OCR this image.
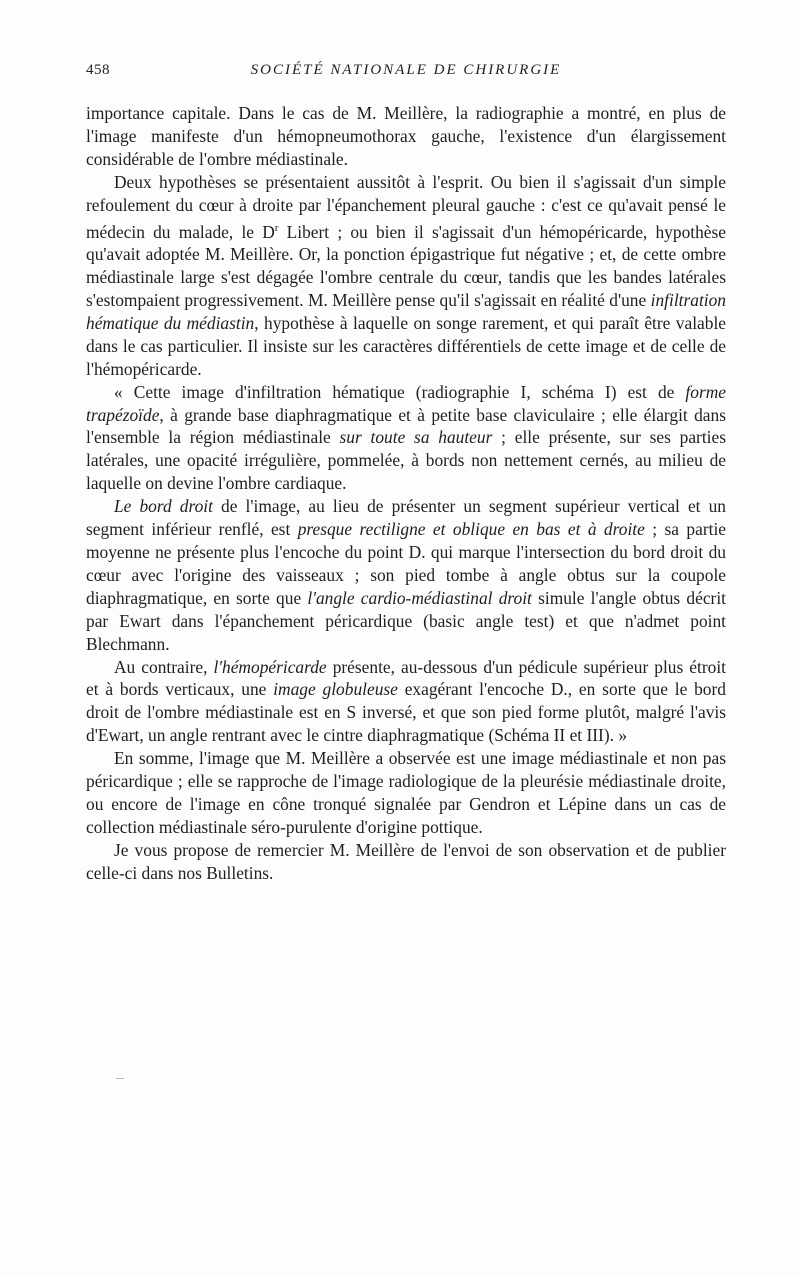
458	SOCIÉTÉ NATIONALE DE CHIRURGIE

importance capitale. Dans le cas de M. Meillère, la radiographie a montré, en plus de l'image manifeste d'un hémopneumothorax gauche, l'existence d'un élargissement considérable de l'ombre médiastinale.

Deux hypothèses se présentaient aussitôt à l'esprit. Ou bien il s'agissait d'un simple refoulement du cœur à droite par l'épanchement pleural gauche : c'est ce qu'avait pensé le médecin du malade, le $D^r$ Libert ; ou bien il s'agissait d'un hémopéricarde, hypothèse qu'avait adoptée M. Meillère. Or, la ponction épigastrique fut négative ; et, de cette ombre médiastinale large s'est dégagée l'ombre centrale du cœur, tandis que les bandes latérales s'estompaient progressivement. M. Meillère pense qu'il s'agissait en réalité d'une infiltration hématique du médiastin, hypothèse à laquelle on songe rarement, et qui paraît être valable dans le cas particulier. Il insiste sur les caractères différentiels de cette image et de celle de l'hémopéricarde.

« Cette image d'infiltration hématique (radiographie I, schéma I) est de forme trapézoïde, à grande base diaphragmatique et à petite base claviculaire ; elle élargit dans l'ensemble la région médiastinale sur toute sa hauteur ; elle présente, sur ses parties latérales, une opacité irrégulière, pommelée, à bords non nettement cernés, au milieu de laquelle on devine l'ombre cardiaque.

Le bord droit de l'image, au lieu de présenter un segment supérieur vertical et un segment inférieur renflé, est presque rectiligne et oblique en bas et à droite ; sa partie moyenne ne présente plus l'encoche du point D. qui marque l'intersection du bord droit du cœur avec l'origine des vaisseaux ; son pied tombe à angle obtus sur la coupole diaphragmatique, en sorte que l'angle cardio-médiastinal droit simule l'angle obtus décrit par Ewart dans l'épanchement péricardique (basic angle test) et que n'admet point Blechmann.

Au contraire, l'hémopéricarde présente, au-dessous d'un pédicule supérieur plus étroit et à bords verticaux, une image globuleuse exagérant l'encoche D., en sorte que le bord droit de l'ombre médiastinale est en S inversé, et que son pied forme plutôt, malgré l'avis d'Ewart, un angle rentrant avec le cintre diaphragmatique (Schéma II et III). »

En somme, l'image que M. Meillère a observée est une image médiastinale et non pas péricardique ; elle se rapproche de l'image radiologique de la pleurésie médiastinale droite, ou encore de l'image en cône tronqué signalée par Gendron et Lépine dans un cas de collection médiastinale séro-purulente d'origine pottique.

Je vous propose de remercier M. Meillère de l'envoi de son observation et de publier celle-ci dans nos Bulletins.
